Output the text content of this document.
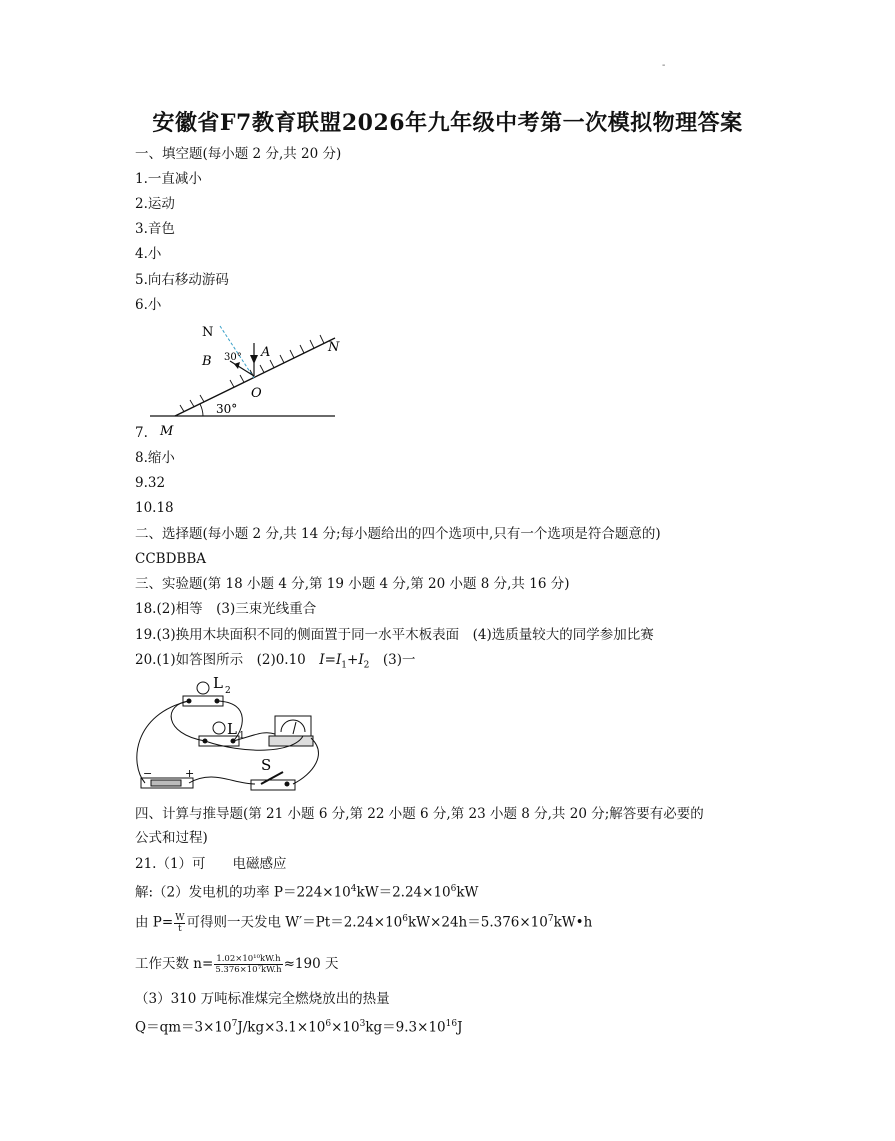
-
安徽省F7教育联盟2026年九年级中考第一次模拟物理答案
一、填空题(每小题 2 分,共 20 分)
1.一直减小
2.运动
3.音色
4.小
5.向右移动游码
6.小
N
B 30° A	N
O
30°
M
7.
8.缩小
9.32
10.18
二、选择题(每小题 2 分,共 14 分;每小题给出的四个选项中,只有一个选项是符合题意的)
CCBDBBA
三、实验题(第 18 小题 4 分,第 19 小题 4 分,第 20 小题 8 分,共 16 分)
18.(2)相等　(3)三束光线重合
19.(3)换用木块面积不同的侧面置于同一水平木板表面　(4)选质量较大的同学参加比赛
20.(1)如答图所示　(2)0.10　$I=I_1+I_2$　(3)一
L 2
L 1
−	+	S
四、计算与推导题(第 21 小题 6 分,第 22 小题 6 分,第 23 小题 8 分,共 20 分;解答要有必要的
公式和过程)
21.（1）可　　电磁感应
解:（2）发电机的功率 $P=224\times 10^4kW=2.24\times 10^6kW$
由 $P= \frac{W}{t}$ 可得则一天发电 $W'=Pt=2.24\times 10^6kW\times 24h=5.376\times 10^7kW•h$
工作天数 $n= \frac{\text{1.02×10¹⁰kW.h}}{\text{5.376×10⁷kW.h}} \approx 190$ 天
（3）310 万吨标准煤完全燃烧放出的热量
$Q=qm=3\times 10^7J/kg\times 3.1\times 10^6\times 10^3kg=9.3\times 10^{16}J$
